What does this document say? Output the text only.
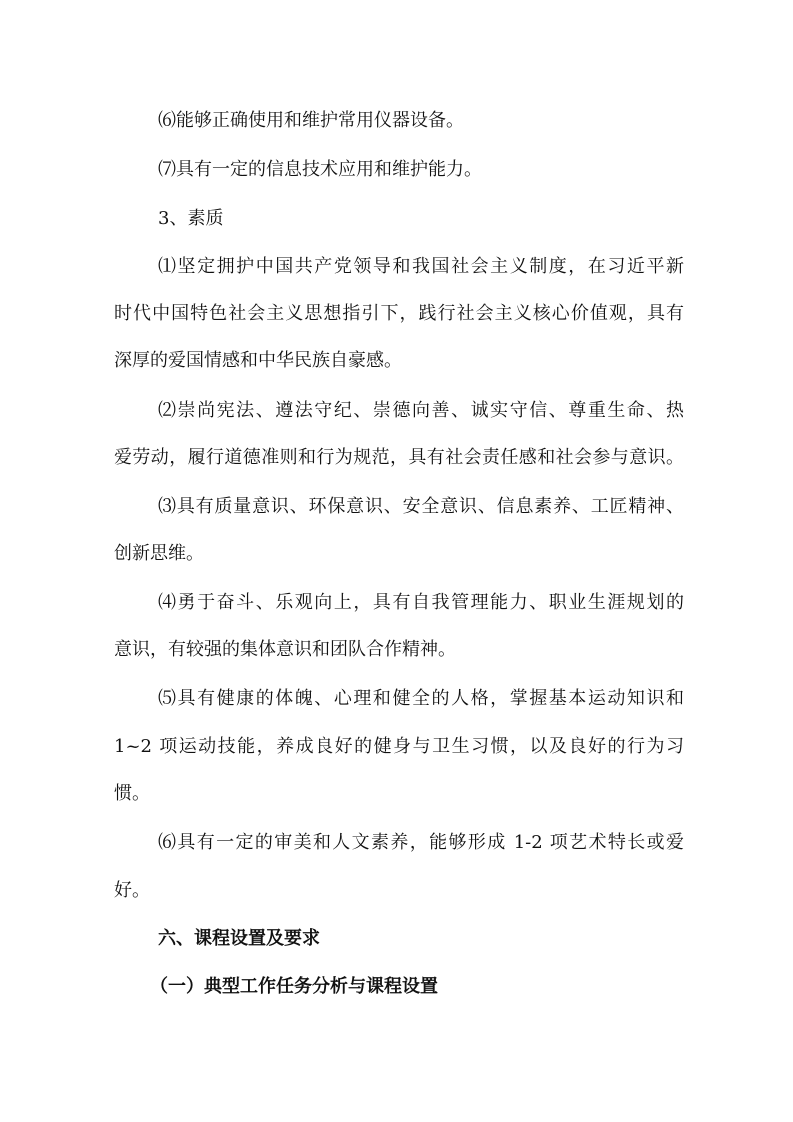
⑹能够正确使用和维护常用仪器设备。
⑺具有一定的信息技术应用和维护能力。
3、素质
⑴坚定拥护中国共产党领导和我国社会主义制度，在习近平新
时代中国特色社会主义思想指引下，践行社会主义核心价值观，具有
深厚的爱国情感和中华民族自豪感。
⑵崇尚宪法、遵法守纪、崇德向善、诚实守信、尊重生命、热
爱劳动，履行道德准则和行为规范，具有社会责任感和社会参与意识。
⑶具有质量意识、环保意识、安全意识、信息素养、工匠精神、
创新思维。
⑷勇于奋斗、乐观向上，具有自我管理能力、职业生涯规划的
意识，有较强的集体意识和团队合作精神。
⑸具有健康的体魄、心理和健全的人格，掌握基本运动知识和
1~2 项运动技能，养成良好的健身与卫生习惯，以及良好的行为习
惯。
⑹具有一定的审美和人文素养，能够形成 1-2 项艺术特长或爱
好。
六、课程设置及要求
（一）典型工作任务分析与课程设置
